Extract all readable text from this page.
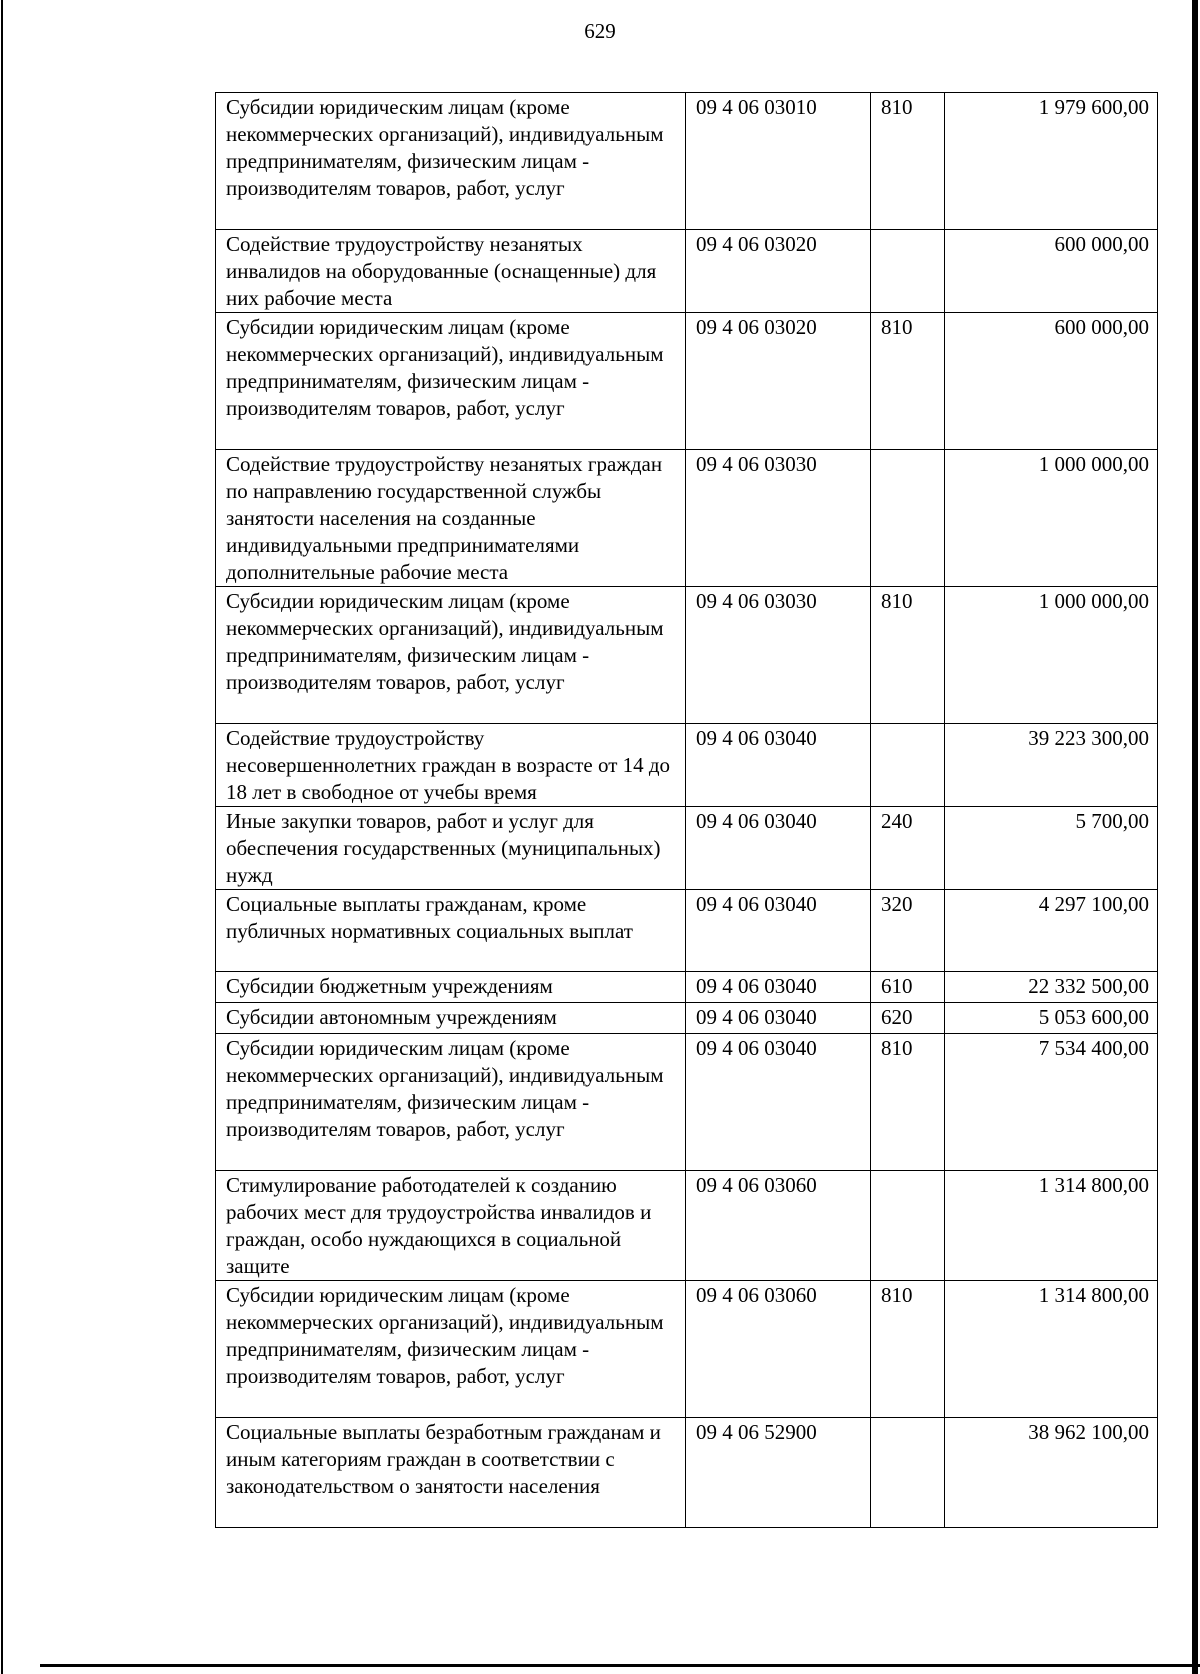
629
Субсидии юридическим лицам (кроме некоммерческих организаций), индивидуальным предпринимателям, физическим лицам - производителям товаров, работ, услуг	09 4 06 03010	810	1 979 600,00
Содействие трудоустройству незанятых инвалидов на оборудованные (оснащенные) для них рабочие места	09 4 06 03020		600 000,00
Субсидии юридическим лицам (кроме некоммерческих организаций), индивидуальным предпринимателям, физическим лицам - производителям товаров, работ, услуг	09 4 06 03020	810	600 000,00
Содействие трудоустройству незанятых граждан по направлению государственной службы занятости населения на созданные индивидуальными предпринимателями дополнительные рабочие места	09 4 06 03030		1 000 000,00
Субсидии юридическим лицам (кроме некоммерческих организаций), индивидуальным предпринимателям, физическим лицам - производителям товаров, работ, услуг	09 4 06 03030	810	1 000 000,00
Содействие трудоустройству несовершеннолетних граждан в возрасте от 14 до 18 лет в свободное от учебы время	09 4 06 03040		39 223 300,00
Иные закупки товаров, работ и услуг для обеспечения государственных (муниципальных) нужд	09 4 06 03040	240	5 700,00
Социальные выплаты гражданам, кроме публичных нормативных социальных выплат	09 4 06 03040	320	4 297 100,00
Субсидии бюджетным учреждениям	09 4 06 03040	610	22 332 500,00
Субсидии автономным учреждениям	09 4 06 03040	620	5 053 600,00
Субсидии юридическим лицам (кроме некоммерческих организаций), индивидуальным предпринимателям, физическим лицам - производителям товаров, работ, услуг	09 4 06 03040	810	7 534 400,00
Стимулирование работодателей к созданию рабочих мест для трудоустройства инвалидов и граждан, особо нуждающихся в социальной защите	09 4 06 03060		1 314 800,00
Субсидии юридическим лицам (кроме некоммерческих организаций), индивидуальным предпринимателям, физическим лицам - производителям товаров, работ, услуг	09 4 06 03060	810	1 314 800,00
Социальные выплаты безработным гражданам и иным категориям граждан в соответствии с законодательством о занятости населения	09 4 06 52900		38 962 100,00
